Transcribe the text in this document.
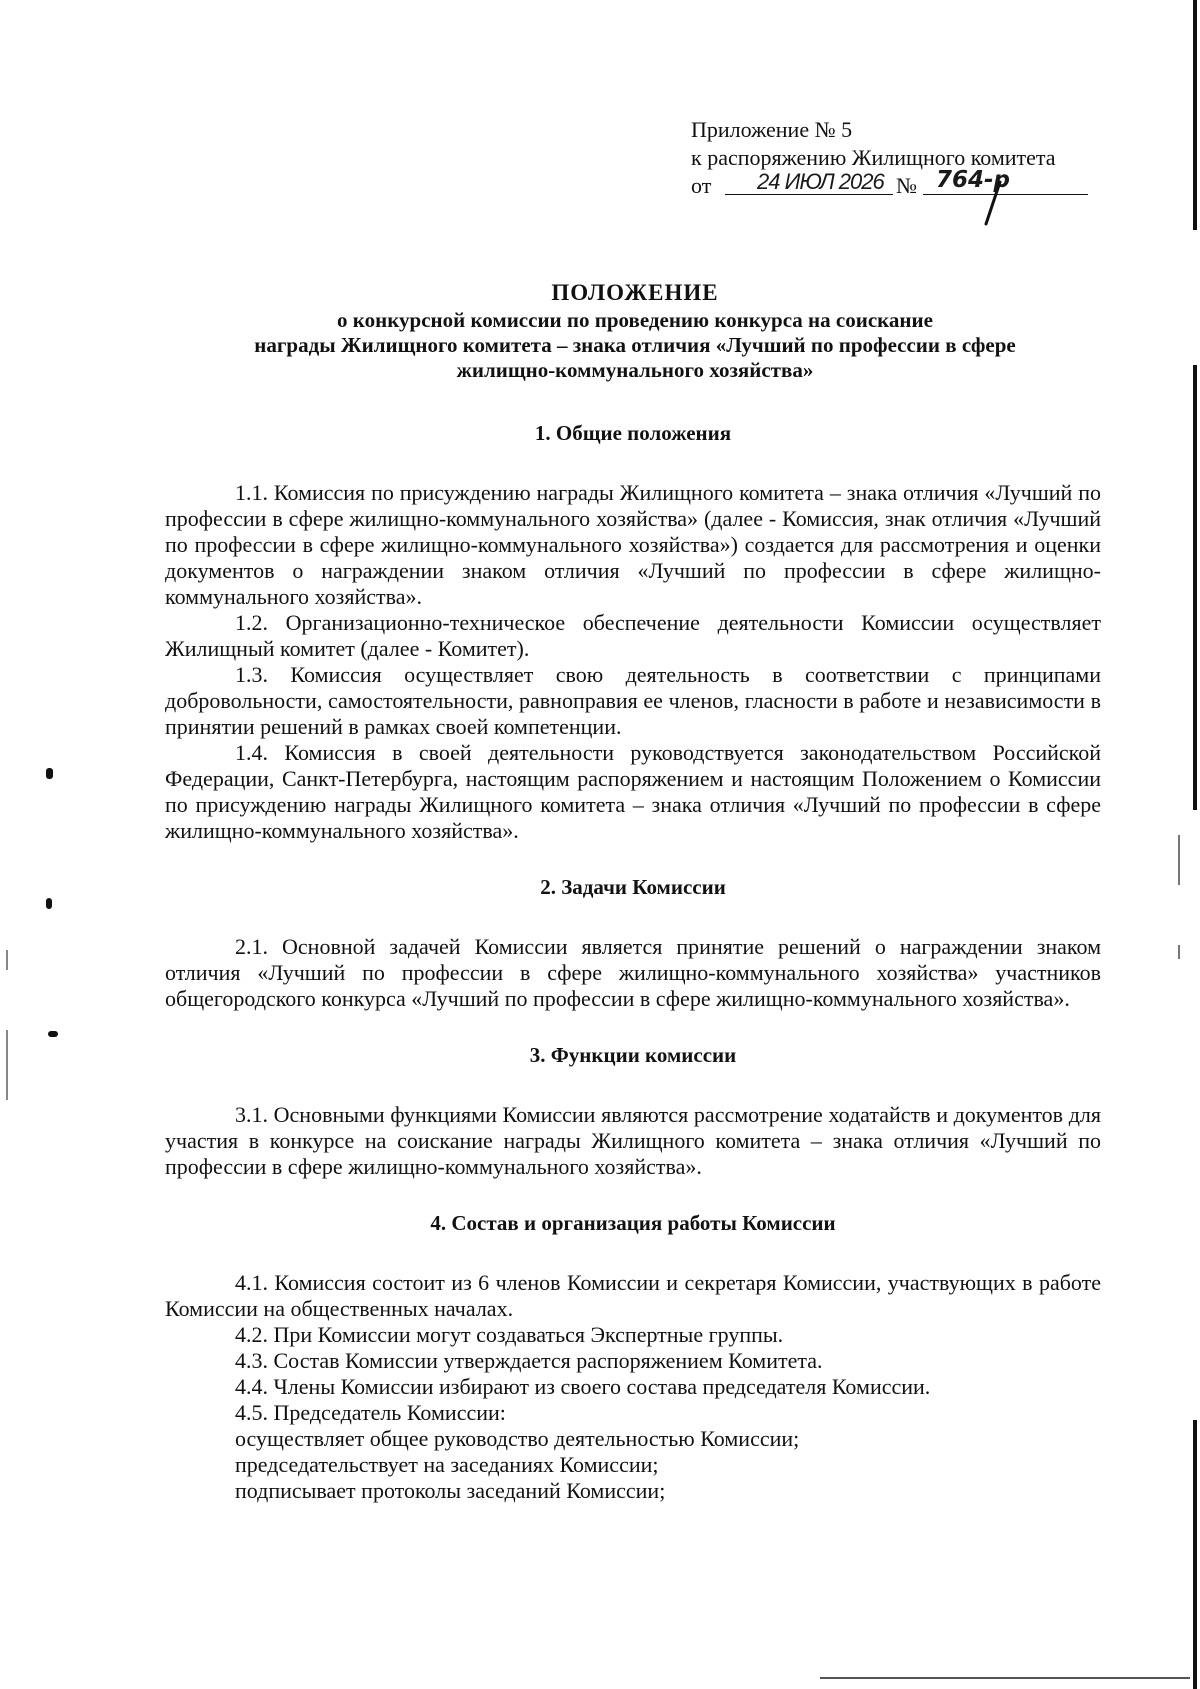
Приложение № 5
к распоряжению Жилищного комитета
от 24 ИЮЛ 2026 № 764-р
ПОЛОЖЕНИЕ
о конкурсной комиссии по проведению конкурса на соискание
награды Жилищного комитета – знака отличия «Лучший по профессии в сфере
жилищно-коммунального хозяйства»
1. Общие положения

1.1. Комиссия по присуждению награды Жилищного комитета – знака отличия «Лучший по профессии в сфере жилищно-коммунального хозяйства» (далее - Комиссия, знак отличия «Лучший по профессии в сфере жилищно-коммунального хозяйства») создается для рассмотрения и оценки документов о награждении знаком отличия «Лучший по профессии в сфере жилищно-коммунального хозяйства».

1.2. Организационно-техническое обеспечение деятельности Комиссии осуществляет Жилищный комитет (далее - Комитет).

1.3. Комиссия осуществляет свою деятельность в соответствии с принципами добровольности, самостоятельности, равноправия ее членов, гласности в работе и независимости в принятии решений в рамках своей компетенции.

1.4. Комиссия в своей деятельности руководствуется законодательством Российской Федерации, Санкт-Петербурга, настоящим распоряжением и настоящим Положением о Комиссии по присуждению награды Жилищного комитета – знака отличия «Лучший по профессии в сфере жилищно-коммунального хозяйства».

2. Задачи Комиссии

2.1. Основной задачей Комиссии является принятие решений о награждении знаком отличия «Лучший по профессии в сфере жилищно-коммунального хозяйства» участников общегородского конкурса «Лучший по профессии в сфере жилищно-коммунального хозяйства».

3. Функции комиссии

3.1. Основными функциями Комиссии являются рассмотрение ходатайств и документов для участия в конкурсе на соискание награды Жилищного комитета – знака отличия «Лучший по профессии в сфере жилищно-коммунального хозяйства».

4. Состав и организация работы Комиссии

4.1. Комиссия состоит из 6 членов Комиссии и секретаря Комиссии, участвующих в работе Комиссии на общественных началах.

4.2. При Комиссии могут создаваться Экспертные группы.

4.3. Состав Комиссии утверждается распоряжением Комитета.

4.4. Члены Комиссии избирают из своего состава председателя Комиссии.

4.5. Председатель Комиссии:

осуществляет общее руководство деятельностью Комиссии;

председательствует на заседаниях Комиссии;

подписывает протоколы заседаний Комиссии;
